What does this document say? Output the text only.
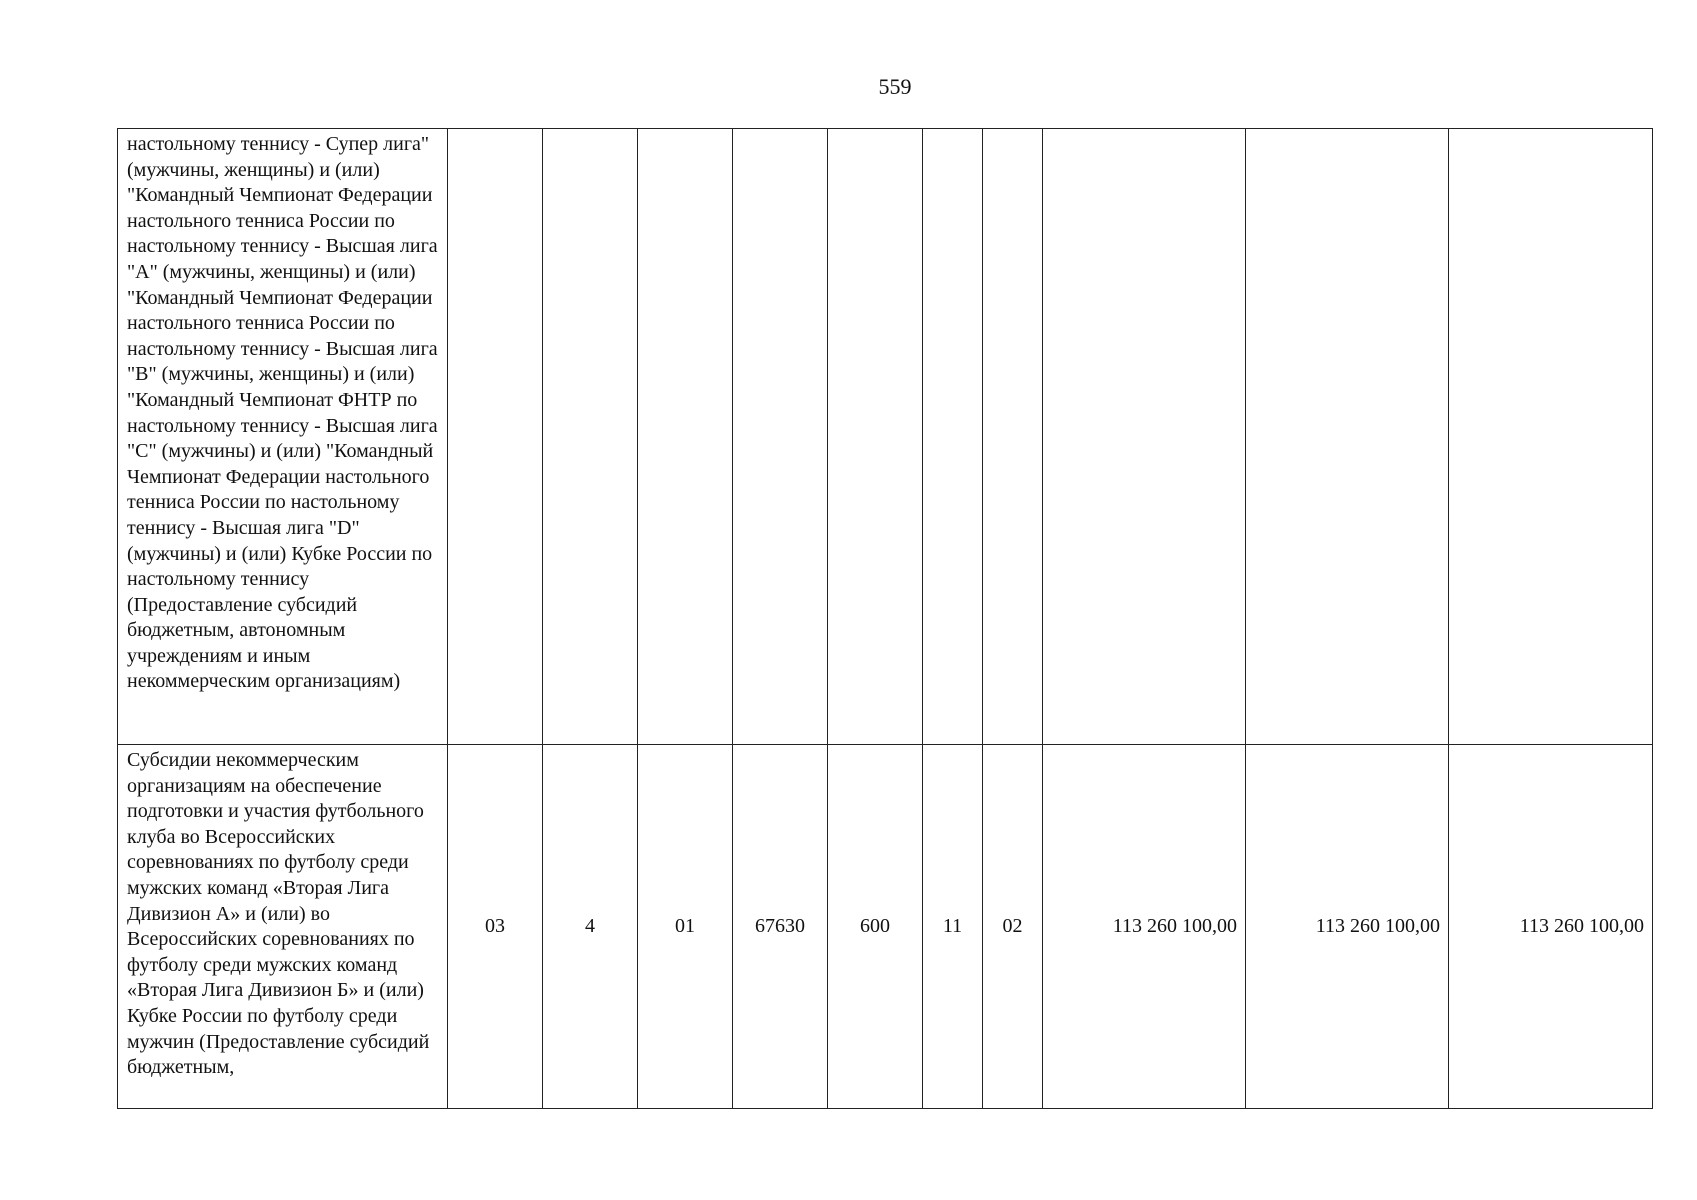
559
настольному теннису - Супер лига" (мужчины, женщины) и (или) "Командный Чемпионат Федерации настольного тенниса России по настольному теннису - Высшая лига "А" (мужчины, женщины) и (или) "Командный Чемпионат Федерации настольного тенниса России по настольному теннису - Высшая лига "В" (мужчины, женщины) и (или) "Командный Чемпионат ФНТР по настольному теннису - Высшая лига "С" (мужчины) и (или) "Командный Чемпионат Федерации настольного тенниса России по настольному теннису - Высшая лига "D" (мужчины) и (или) Кубке России по настольному теннису (Предоставление субсидий бюджетным, автономным учреждениям и иным некоммерческим организациям)										
Субсидии некоммерческим организациям на обеспечение подготовки и участия футбольного клуба во Всероссийских соревнованиях по футболу среди мужских команд «Вторая Лига Дивизион А» и (или) во Всероссийских соревнованиях по футболу среди мужских команд «Вторая Лига Дивизион Б» и (или) Кубке России по футболу среди мужчин (Предоставление субсидий бюджетным,	03	4	01	67630	600	11	02	113 260 100,00	113 260 100,00	113 260 100,00
